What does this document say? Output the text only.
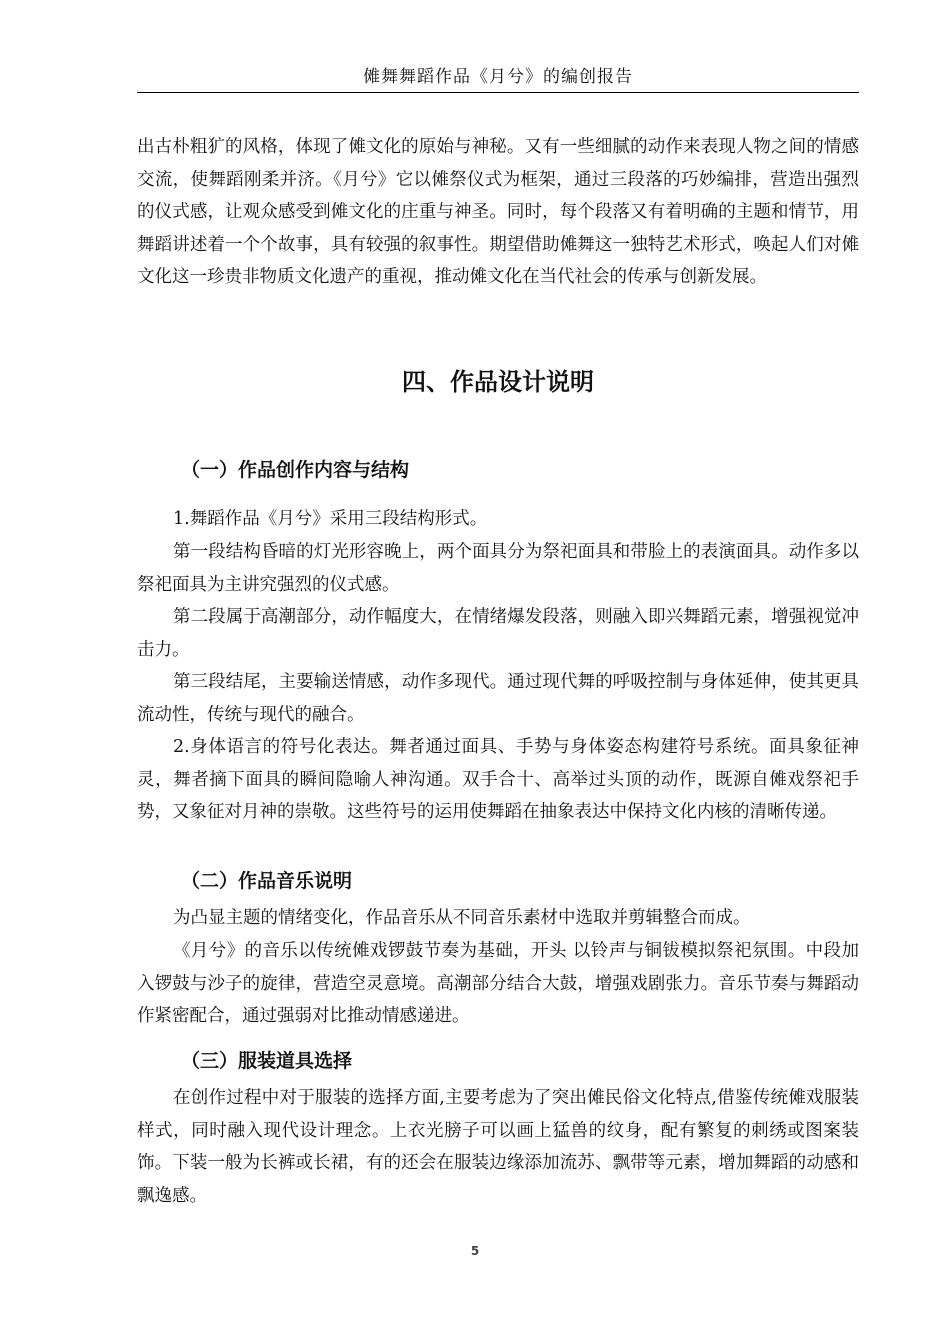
傩舞舞蹈作品《月兮》的编创报告

出古朴粗犷的风格，体现了傩文化的原始与神秘。又有一些细腻的动作来表现人物之间的情感交流，使舞蹈刚柔并济。《月兮》它以傩祭仪式为框架，通过三段落的巧妙编排，营造出强烈的仪式感，让观众感受到傩文化的庄重与神圣。同时，每个段落又有着明确的主题和情节，用舞蹈讲述着一个个故事，具有较强的叙事性。期望借助傩舞这一独特艺术形式，唤起人们对傩文化这一珍贵非物质文化遗产的重视，推动傩文化在当代社会的传承与创新发展。

四、作品设计说明
（一）作品创作内容与结构

1.舞蹈作品《月兮》采用三段结构形式。

第一段结构昏暗的灯光形容晚上，两个面具分为祭祀面具和带脸上的表演面具。动作多以祭祀面具为主讲究强烈的仪式感。

第二段属于高潮部分，动作幅度大，在情绪爆发段落，则融入即兴舞蹈元素，增强视觉冲击力。

第三段结尾，主要输送情感，动作多现代。通过现代舞的呼吸控制与身体延伸，使其更具流动性，传统与现代的融合。

2.身体语言的符号化表达。舞者通过面具、手势与身体姿态构建符号系统。面具象征神灵，舞者摘下面具的瞬间隐喻人神沟通。双手合十、高举过头顶的动作，既源自傩戏祭祀手势，又象征对月神的崇敬。这些符号的运用使舞蹈在抽象表达中保持文化内核的清晰传递。

（二）作品音乐说明

为凸显主题的情绪变化，作品音乐从不同音乐素材中选取并剪辑整合而成。

《月兮》的音乐以传统傩戏锣鼓节奏为基础，开头 以铃声与铜钹模拟祭祀氛围。中段加入锣鼓与沙子的旋律，营造空灵意境。高潮部分结合大鼓，增强戏剧张力。音乐节奏与舞蹈动作紧密配合，通过强弱对比推动情感递进。

（三）服装道具选择

在创作过程中对于服装的选择方面,主要考虑为了突出傩民俗文化特点,借鉴传统傩戏服装样式，同时融入现代设计理念。上衣光膀子可以画上猛兽的纹身，配有繁复的刺绣或图案装饰。下装一般为长裤或长裙，有的还会在服装边缘添加流苏、飘带等元素，增加舞蹈的动感和飘逸感。

5
